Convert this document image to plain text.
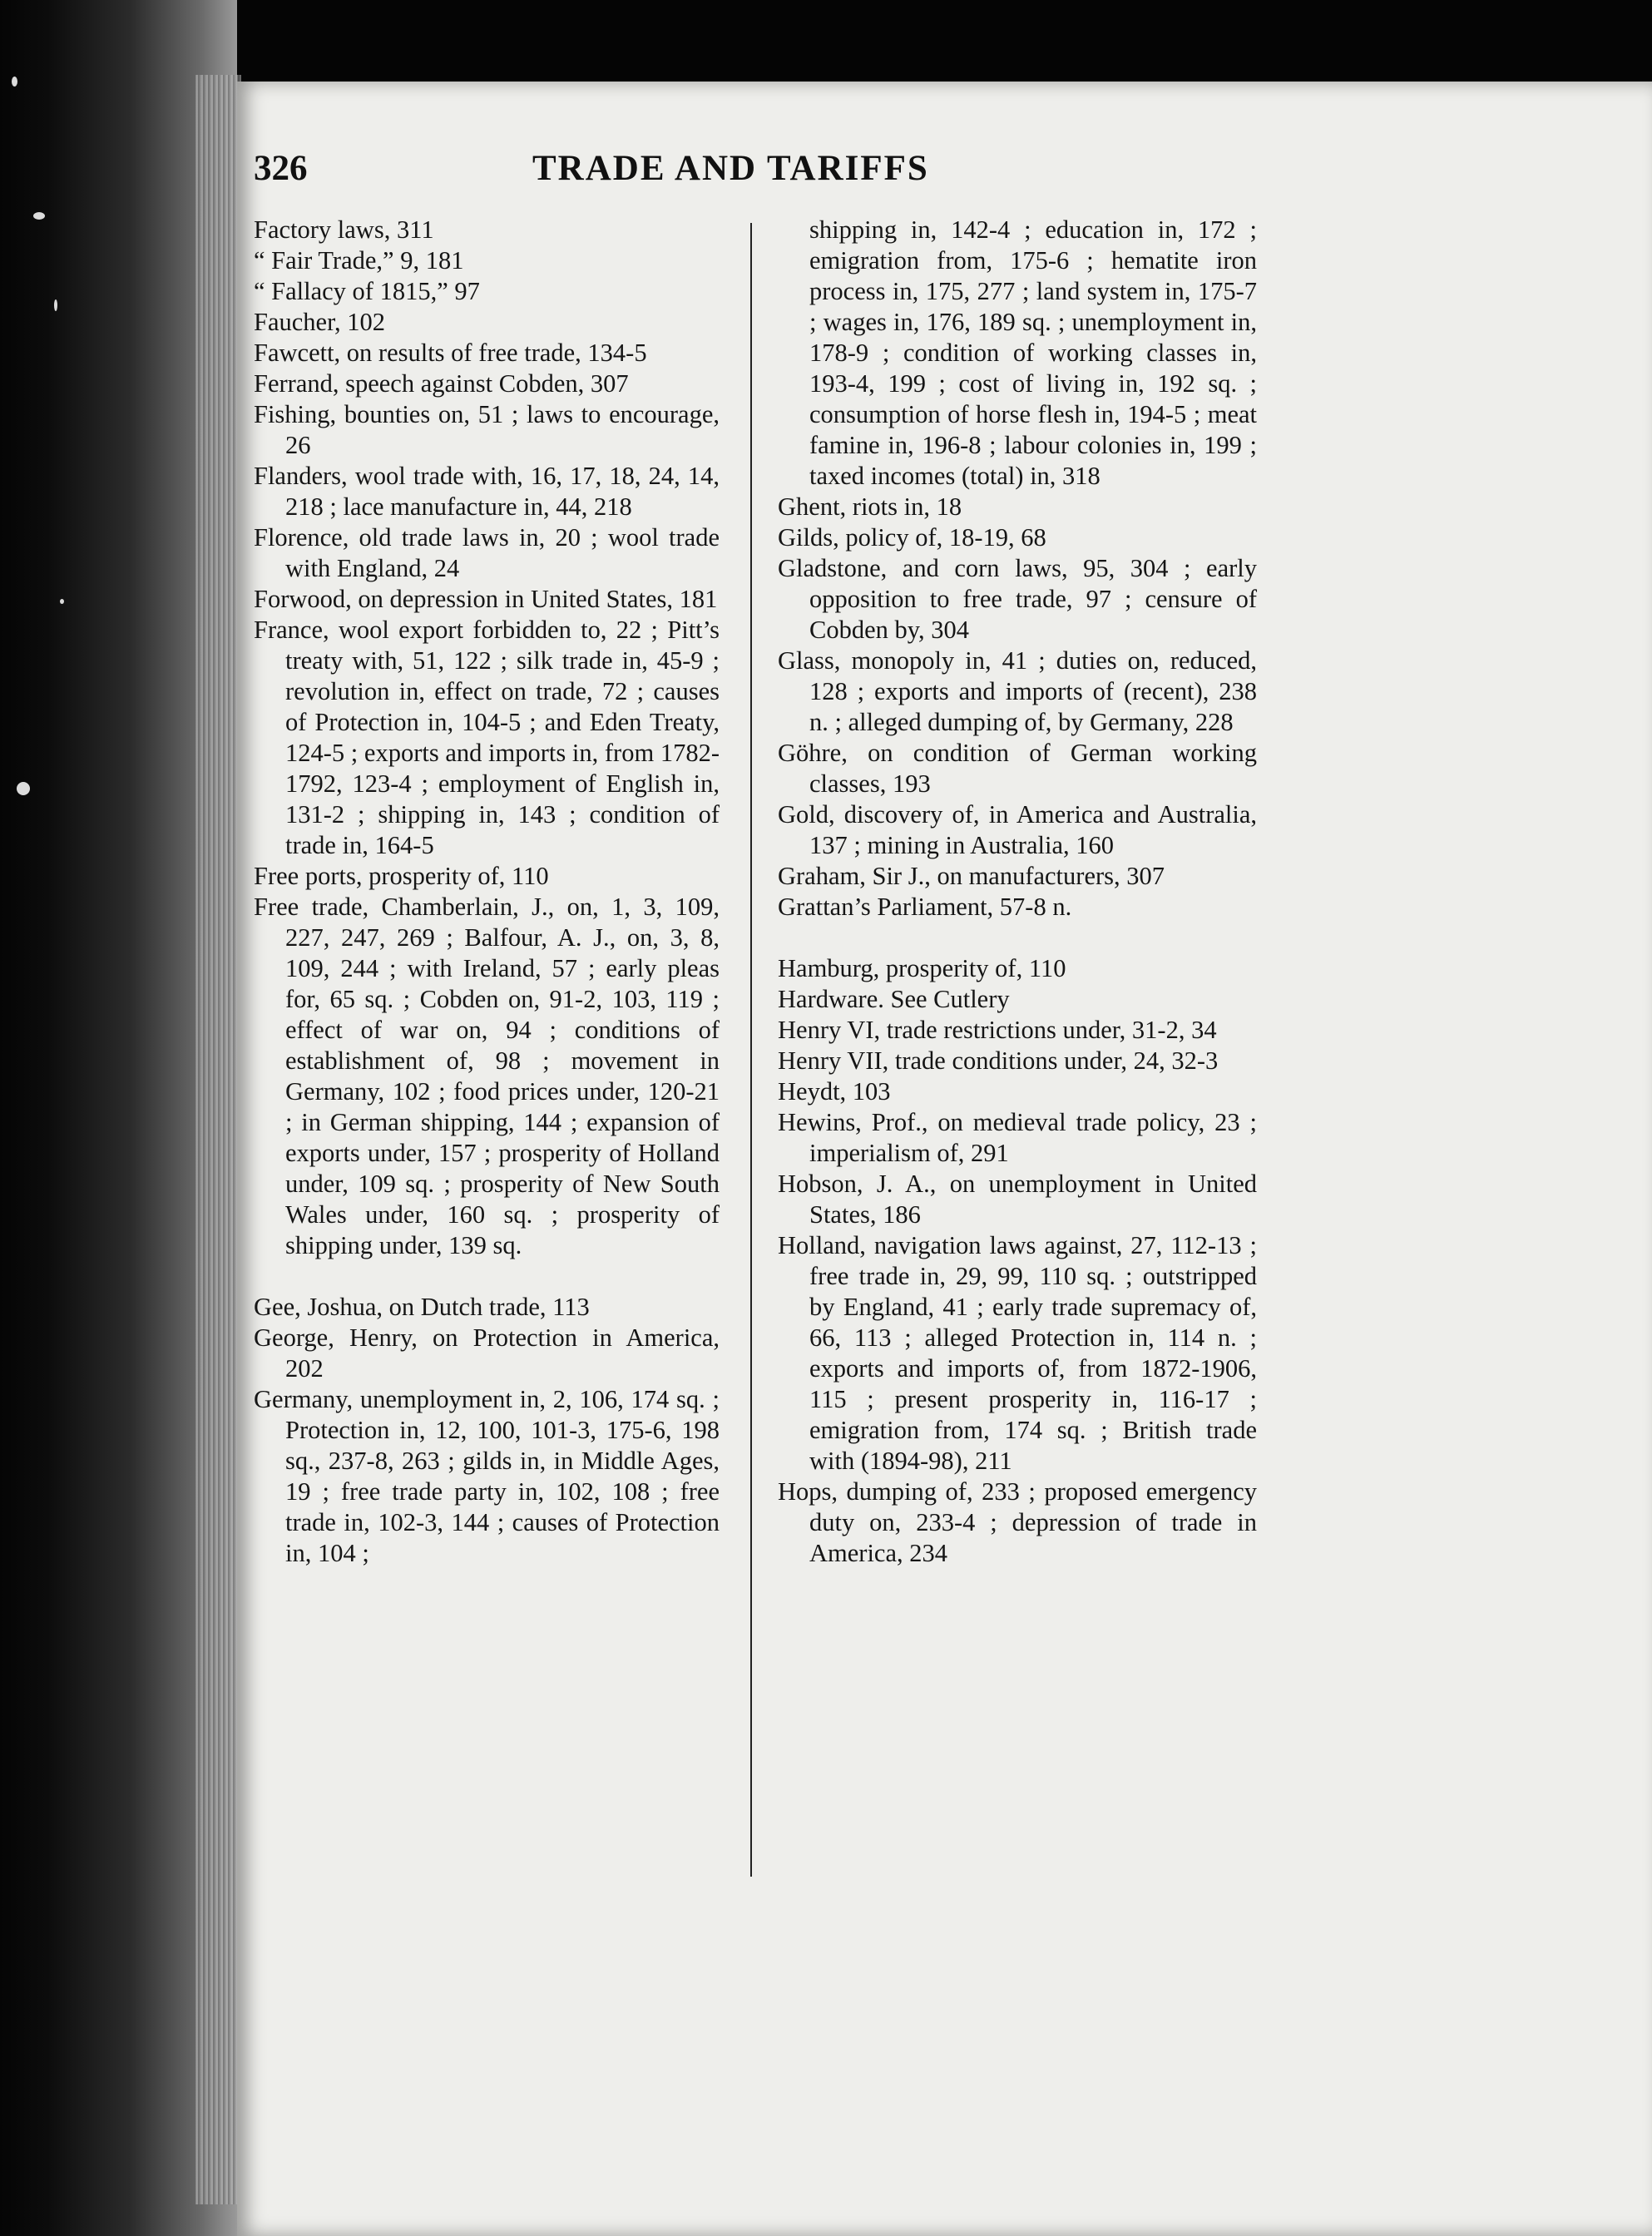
326	TRADE AND TARIFFS

Factory laws, 311

“ Fair Trade,” 9, 181

“ Fallacy of 1815,” 97

Faucher, 102

Fawcett, on results of free trade, 134-5

Ferrand, speech against Cobden, 307

Fishing, bounties on, 51 ; laws to encourage, 26

Flanders, wool trade with, 16, 17, 18, 24, 14, 218 ; lace manufacture in, 44, 218

Florence, old trade laws in, 20 ; wool trade with England, 24

Forwood, on depression in United States, 181

France, wool export forbidden to, 22 ; Pitt’s treaty with, 51, 122 ; silk trade in, 45-9 ; revolution in, effect on trade, 72 ; causes of Protection in, 104-5 ; and Eden Treaty, 124-5 ; exports and imports in, from 1782-1792, 123-4 ; employment of English in, 131-2 ; shipping in, 143 ; condition of trade in, 164-5

Free ports, prosperity of, 110

Free trade, Chamberlain, J., on, 1, 3, 109, 227, 247, 269 ; Balfour, A. J., on, 3, 8, 109, 244 ; with Ireland, 57 ; early pleas for, 65 sq. ; Cobden on, 91-2, 103, 119 ; effect of war on, 94 ; conditions of establishment of, 98 ; movement in Germany, 102 ; food prices under, 120-21 ; in German shipping, 144 ; expansion of exports under, 157 ; prosperity of Holland under, 109 sq. ; prosperity of New South Wales under, 160 sq. ; prosperity of shipping under, 139 sq.

Gee, Joshua, on Dutch trade, 113

George, Henry, on Protection in America, 202

Germany, unemployment in, 2, 106, 174 sq. ; Protection in, 12, 100, 101-3, 175-6, 198 sq., 237-8, 263 ; gilds in, in Middle Ages, 19 ; free trade party in, 102, 108 ; free trade in, 102-3, 144 ; causes of Protection in, 104 ;

shipping in, 142-4 ; education in, 172 ; emigration from, 175-6 ; hematite iron process in, 175, 277 ; land system in, 175-7 ; wages in, 176, 189 sq. ; unemployment in, 178-9 ; condition of working classes in, 193-4, 199 ; cost of living in, 192 sq. ; consumption of horse flesh in, 194-5 ; meat famine in, 196-8 ; labour colonies in, 199 ; taxed incomes (total) in, 318

Ghent, riots in, 18

Gilds, policy of, 18-19, 68

Gladstone, and corn laws, 95, 304 ; early opposition to free trade, 97 ; censure of Cobden by, 304

Glass, monopoly in, 41 ; duties on, reduced, 128 ; exports and imports of (recent), 238 n. ; alleged dumping of, by Germany, 228

Göhre, on condition of German working classes, 193

Gold, discovery of, in America and Australia, 137 ; mining in Australia, 160

Graham, Sir J., on manufacturers, 307

Grattan’s Parliament, 57-8 n.

Hamburg, prosperity of, 110

Hardware. See Cutlery

Henry VI, trade restrictions under, 31-2, 34

Henry VII, trade conditions under, 24, 32-3

Heydt, 103

Hewins, Prof., on medieval trade policy, 23 ; imperialism of, 291

Hobson, J. A., on unemployment in United States, 186

Holland, navigation laws against, 27, 112-13 ; free trade in, 29, 99, 110 sq. ; outstripped by England, 41 ; early trade supremacy of, 66, 113 ; alleged Protection in, 114 n. ; exports and imports of, from 1872-1906, 115 ; present prosperity in, 116-17 ; emigration from, 174 sq. ; British trade with (1894-98), 211

Hops, dumping of, 233 ; proposed emergency duty on, 233-4 ; depression of trade in America, 234
